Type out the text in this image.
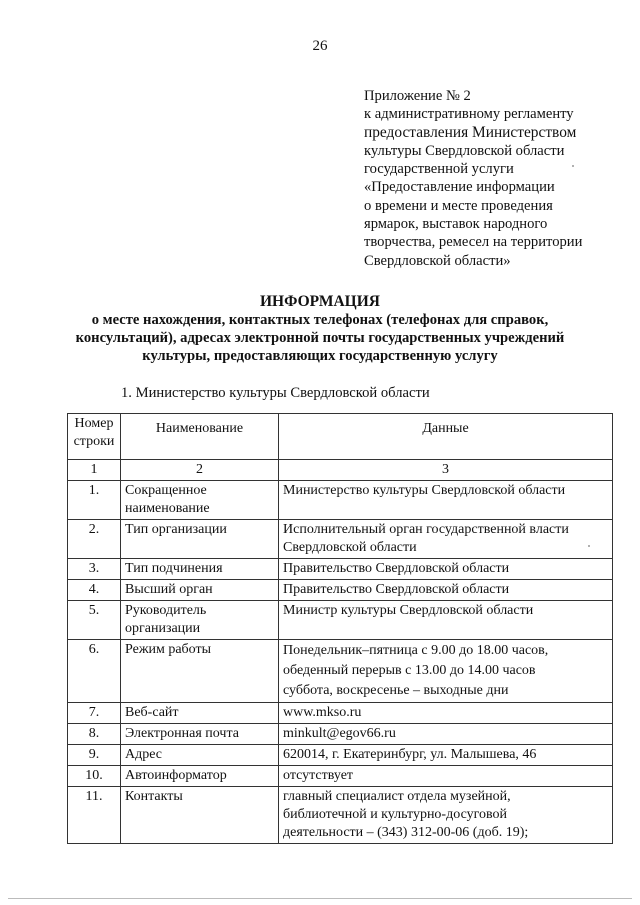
26
Приложение № 2
к административному регламенту
предоставления Министерством
культуры Свердловской области
государственной услуги
«Предоставление информации
о времени и месте проведения
ярмарок, выставок народного
творчества, ремесел на территории
Свердловской области»
ИНФОРМАЦИЯ
о месте нахождения, контактных телефонах (телефонах для справок,
консультаций), адресах электронной почты государственных учреждений
культуры, предоставляющих государственную услугу
1. Министерство культуры Свердловской области
Номер
строки	Наименование	Данные
1	2	3
1.	Сокращенное
наименование	Министерство культуры Свердловской области

2.	Тип организации	Исполнительный орган государственной власти
Свердловской области

3.	Тип подчинения	Правительство Свердловской области

4.	Высший орган	Правительство Свердловской области

5.	Руководитель
организации	Министр культуры Свердловской области

6.	Режим работы	Понедельник–пятница с 9.00 до 18.00 часов,
обеденный перерыв с 13.00 до 14.00 часов
суббота, воскресенье – выходные дни

7.	Веб-сайт	www.mkso.ru

8.	Электронная почта	minkult@egov66.ru

9.	Адрес	620014, г. Екатеринбург, ул. Малышева, 46

10.	Автоинформатор	отсутствует

11.	Контакты	главный специалист отдела музейной,
библиотечной и культурно-досуговой
деятельности – (343) 312-00-06 (доб. 19);
